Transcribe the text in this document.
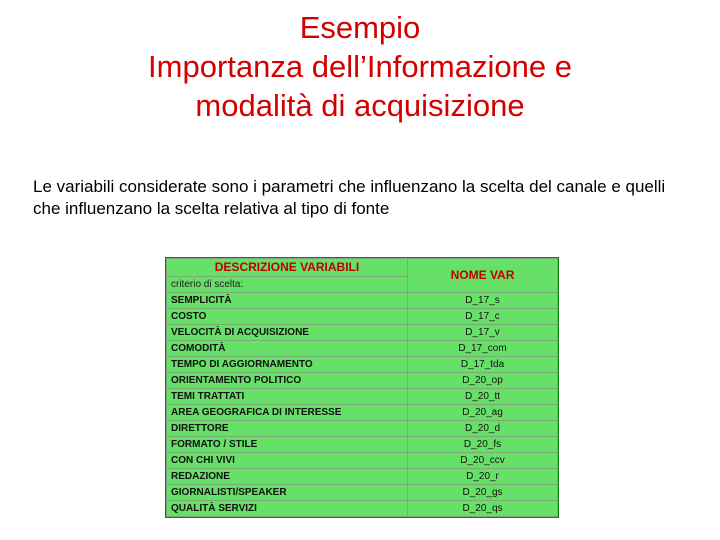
Esempio
Importanza dell’Informazione e
modalità di acquisizione
Le variabili considerate sono i parametri che influenzano la scelta del canale e quelli che influenzano la scelta relativa al tipo di fonte
DESCRIZIONE VARIABILI	NOME VAR
criterio di scelta:	
SEMPLICITÀ	D_17_s
COSTO	D_17_c
VELOCITÀ DI ACQUISIZIONE	D_17_v
COMODITÀ	D_17_com
TEMPO DI AGGIORNAMENTO	D_17_tda
ORIENTAMENTO POLITICO	D_20_op
TEMI TRATTATI	D_20_tt
AREA GEOGRAFICA DI INTERESSE	D_20_ag
DIRETTORE	D_20_d
FORMATO / STILE	D_20_fs
CON CHI VIVI	D_20_ccv
REDAZIONE	D_20_r
GIORNALISTI/SPEAKER	D_20_gs
QUALITÀ SERVIZI	D_20_qs
